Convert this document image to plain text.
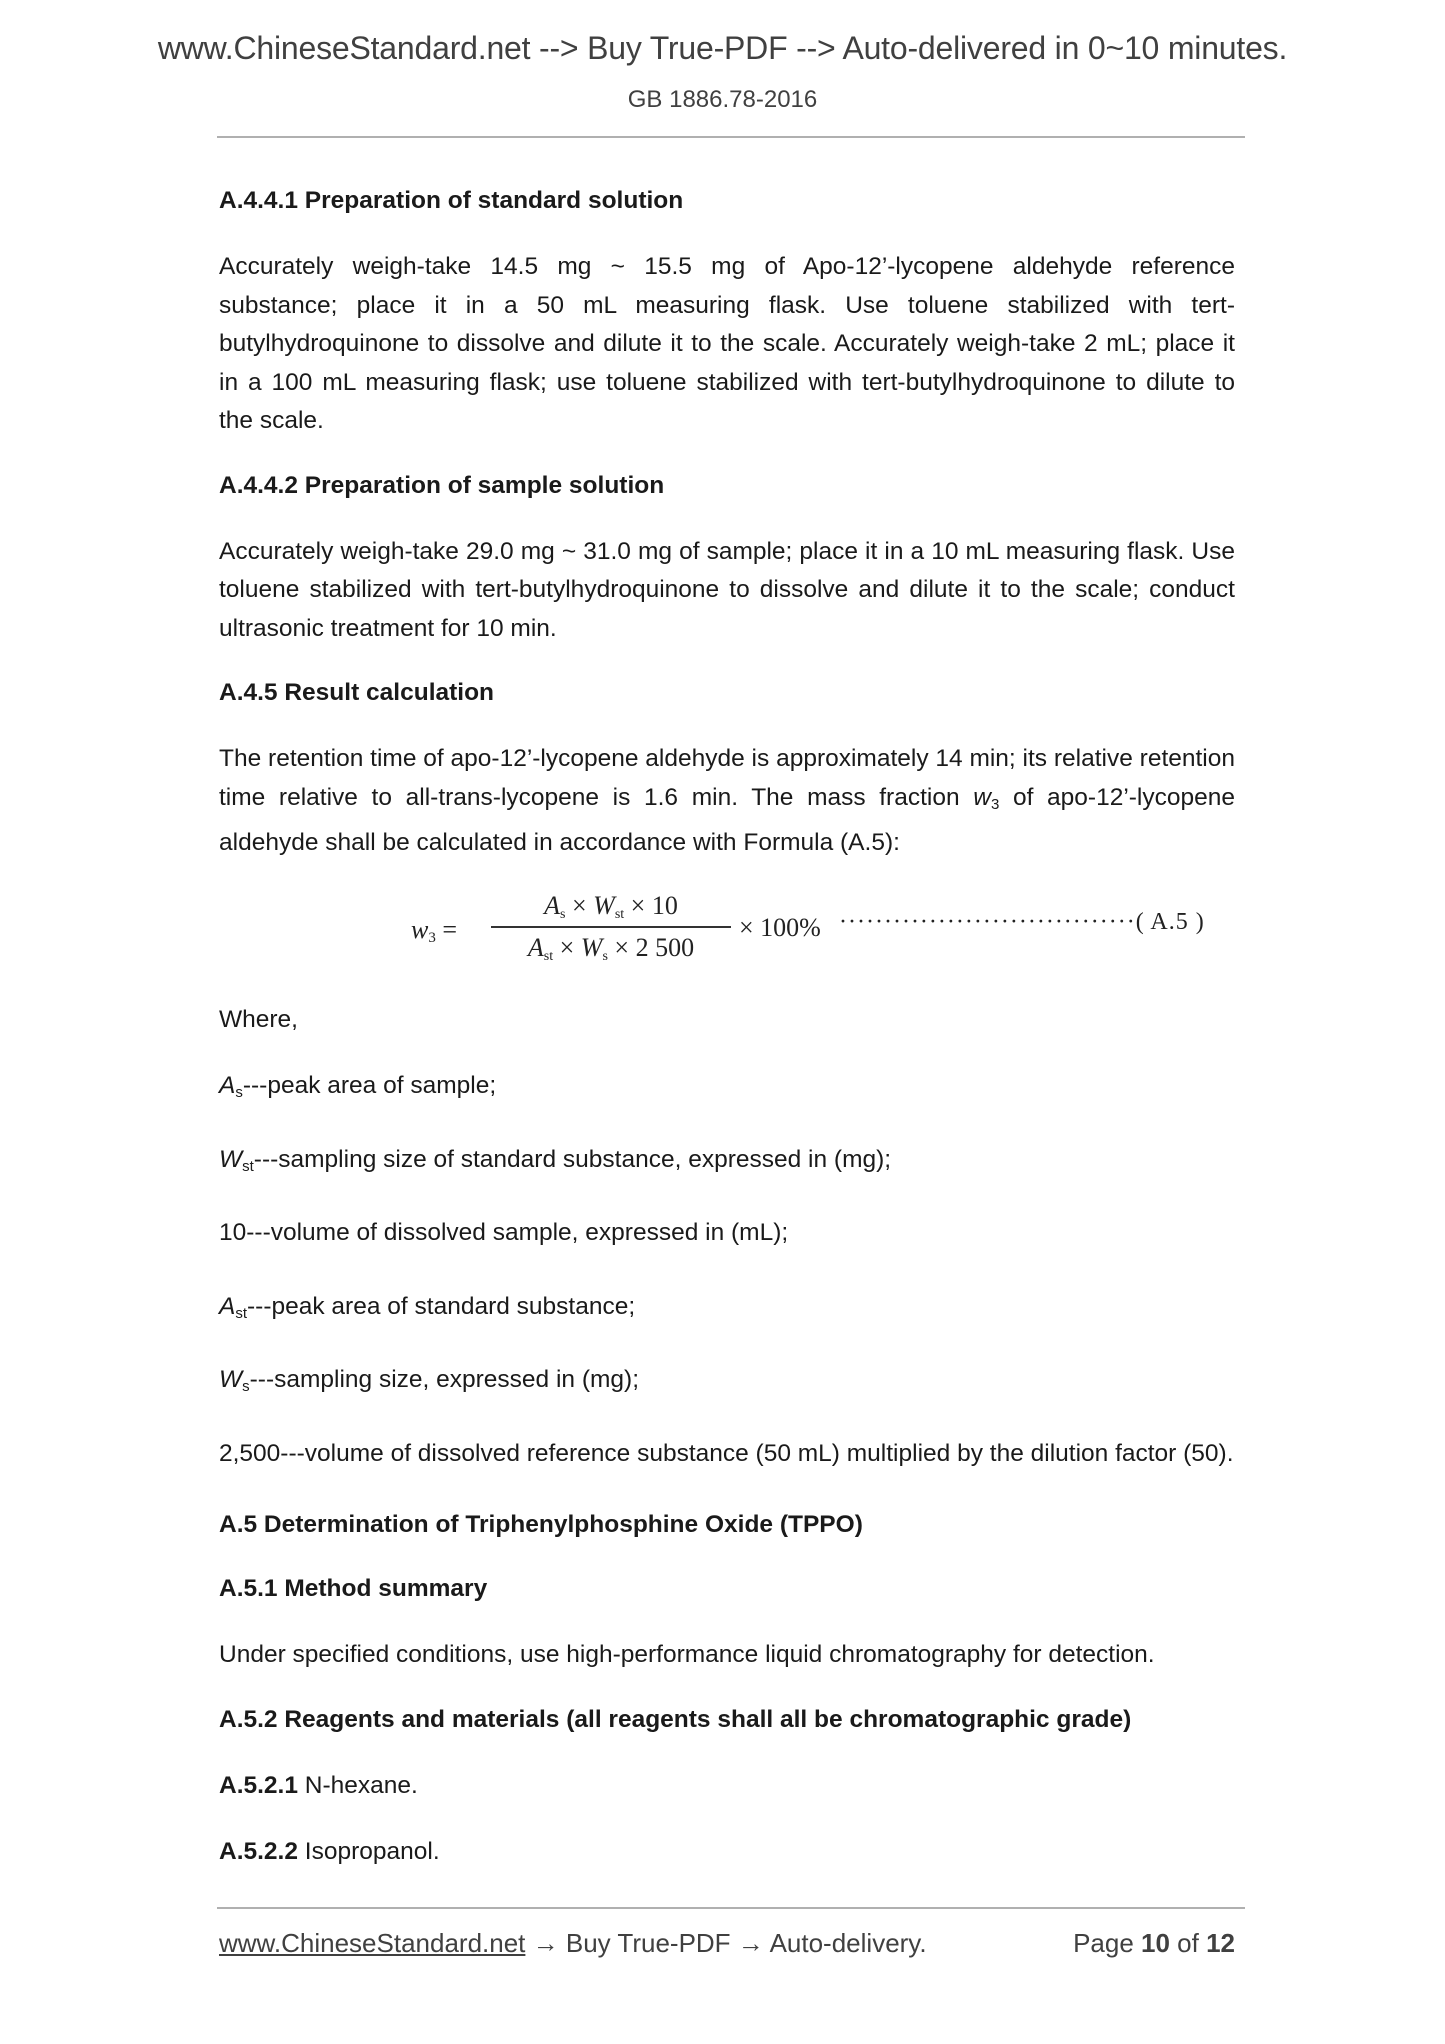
www.ChineseStandard.net --> Buy True-PDF --> Auto-delivered in 0~10 minutes.
GB 1886.78-2016
A.4.4.1 Preparation of standard solution

Accurately weigh-take 14.5 mg ~ 15.5 mg of Apo-12’-lycopene aldehyde reference substance; place it in a 50 mL measuring flask. Use toluene stabilized with tert-butylhydroquinone to dissolve and dilute it to the scale. Accurately weigh-take 2 mL; place it in a 100 mL measuring flask; use toluene stabilized with tert-butylhydroquinone to dilute to the scale.

A.4.4.2 Preparation of sample solution

Accurately weigh-take 29.0 mg ~ 31.0 mg of sample; place it in a 10 mL measuring flask. Use toluene stabilized with tert-butylhydroquinone to dissolve and dilute it to the scale; conduct ultrasonic treatment for 10 min.

A.4.5 Result calculation

The retention time of apo-12’-lycopene aldehyde is approximately 14 min; its relative retention time relative to all-trans-lycopene is 1.6 min. The mass fraction $w_3$ of apo-12’-lycopene aldehyde shall be calculated in accordance with Formula (A.5):

w3 =
As × Wst × 10
Ast × Ws × 2 500
× 100% ·································( A.5 )

Where,

$A_s--$-peak area of sample;

$W_{st}--$-sampling size of standard substance, expressed in (mg);

10---volume of dissolved sample, expressed in (mL);

$A_{st}--$-peak area of standard substance;

$W_s--$-sampling size, expressed in (mg);

2,500---volume of dissolved reference substance (50 mL) multiplied by the dilution factor (50).

A.5 Determination of Triphenylphosphine Oxide (TPPO)
A.5.1 Method summary

Under specified conditions, use high-performance liquid chromatography for detection.

A.5.2 Reagents and materials (all reagents shall all be chromatographic grade)

A.5.2.1 N-hexane.

A.5.2.2 Isopropanol.

www.ChineseStandard.net → Buy True-PDF → Auto-delivery.	Page 10 of 12
